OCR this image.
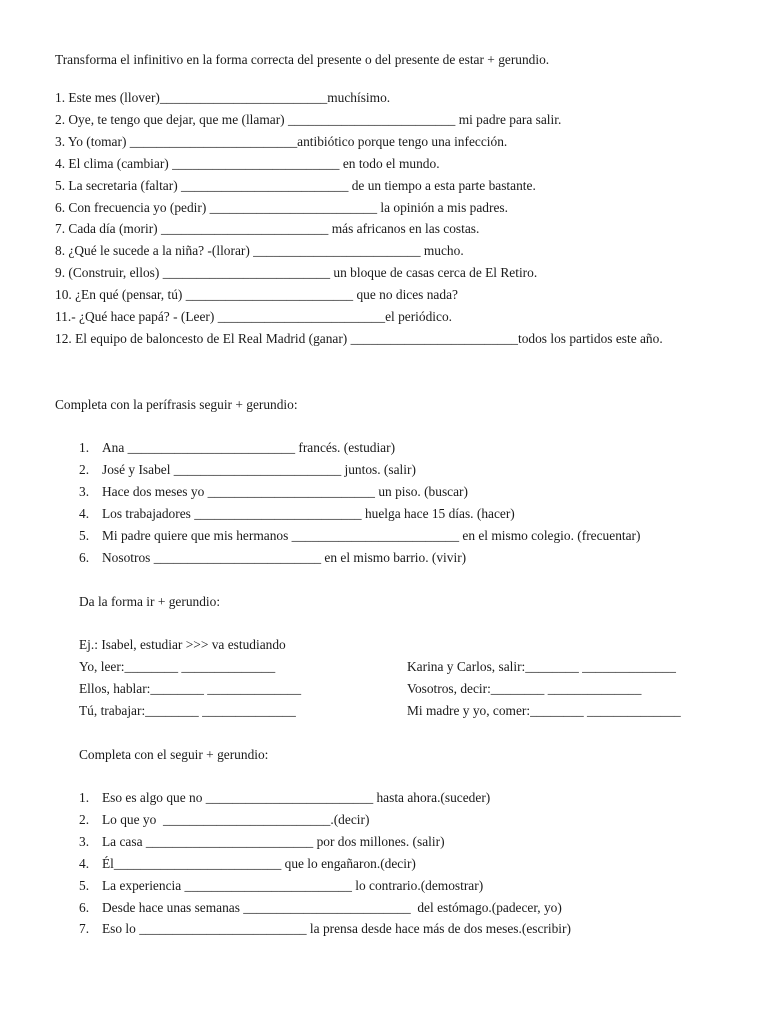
Transforma el infinitivo en la forma correcta del presente o del presente de estar + gerundio.
1. Este mes (llover)_________________________muchísimo.
2. Oye, te tengo que dejar, que me (llamar) _________________________ mi padre para salir.
3. Yo (tomar) _________________________antibiótico porque tengo una infección.
4. El clima (cambiar) _________________________ en todo el mundo.
5. La secretaria (faltar) _________________________ de un tiempo a esta parte bastante.
6. Con frecuencia yo (pedir) _________________________ la opinión a mis padres.
7. Cada día (morir) _________________________ más africanos en las costas.
8. ¿Qué le sucede a la niña? -(llorar) _________________________ mucho.
9. (Construir, ellos) _________________________ un bloque de casas cerca de El Retiro.
10. ¿En qué (pensar, tú) _________________________ que no dices nada?
11.- ¿Qué hace papá? - (Leer) _________________________el periódico.
12. El equipo de baloncesto de El Real Madrid (ganar) _________________________todos los partidos este año.
Completa con la perífrasis seguir + gerundio:
1. Ana _________________________ francés. (estudiar)
2. José y Isabel _________________________ juntos. (salir)
3. Hace dos meses yo _________________________ un piso. (buscar)
4. Los trabajadores _________________________ huelga hace 15 días. (hacer)
5. Mi padre quiere que mis hermanos _________________________ en el mismo colegio. (frecuentar)
6. Nosotros _________________________ en el mismo barrio. (vivir)
Da la forma ir + gerundio:
Ej.: Isabel, estudiar >>> va estudiando
Yo, leer:________ ______________	Karina y Carlos, salir:________ ______________
Ellos, hablar:________ ______________	Vosotros, decir:________ ______________
Tú, trabajar:________ ______________	Mi madre y yo, comer:________ ______________
Completa con el seguir + gerundio:
1. Eso es algo que no _________________________ hasta ahora.(suceder)
2. Lo que yo  _________________________.(decir)
3. La casa _________________________ por dos millones. (salir)
4. Él_________________________ que lo engañaron.(decir)
5. La experiencia _________________________ lo contrario.(demostrar)
6. Desde hace unas semanas _________________________  del estómago.(padecer, yo)
7. Eso lo _________________________ la prensa desde hace más de dos meses.(escribir)
